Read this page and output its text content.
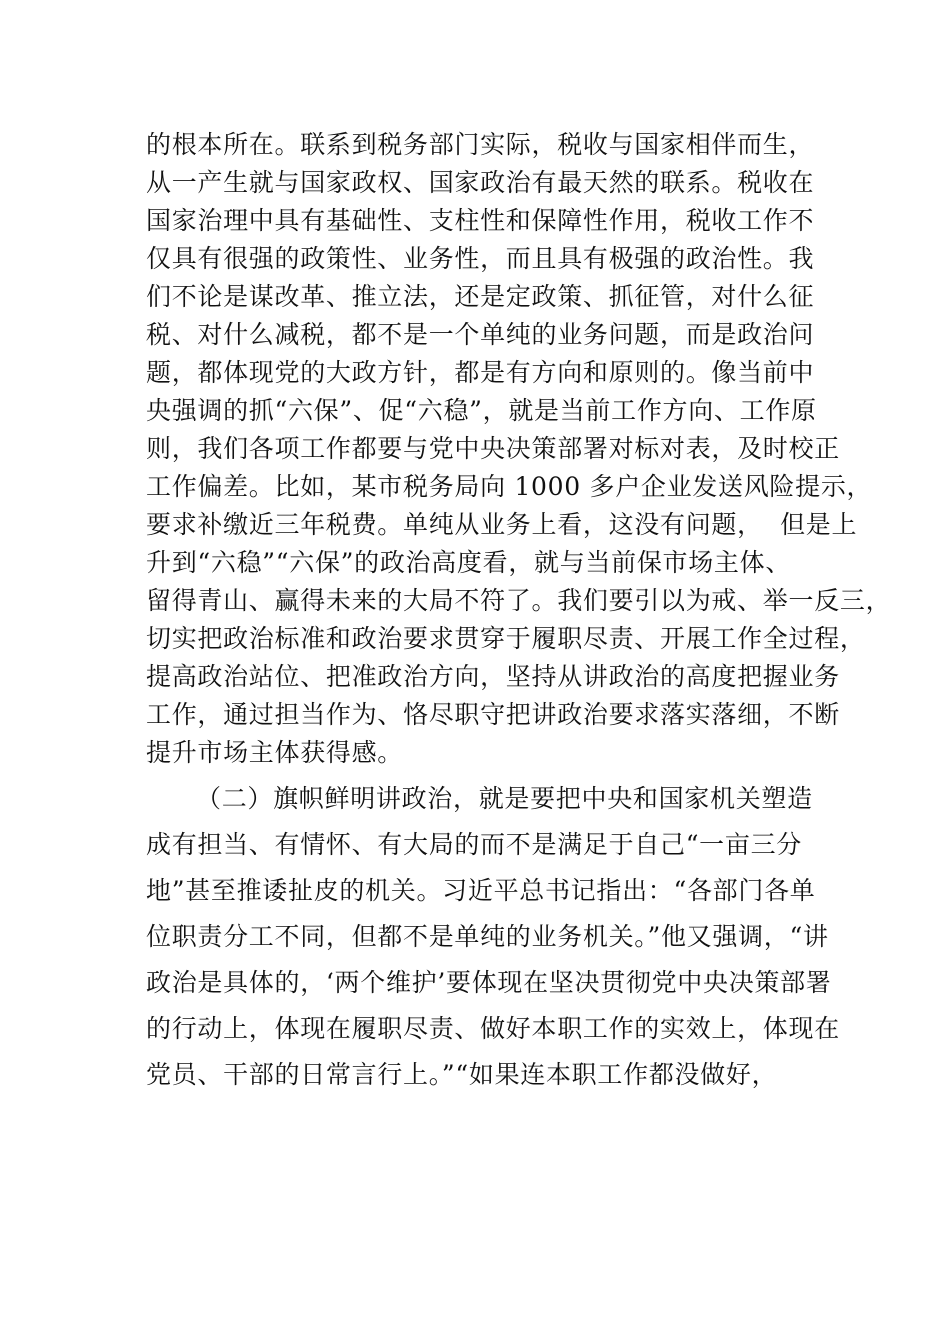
的根本所在。联系到税务部门实际，税收与国家相伴而生，
从一产生就与国家政权、国家政治有最天然的联系。税收在
国家治理中具有基础性、支柱性和保障性作用，税收工作不
仅具有很强的政策性、业务性，而且具有极强的政治性。我
们不论是谋改革、推立法，还是定政策、抓征管，对什么征
税、对什么减税，都不是一个单纯的业务问题，而是政治问
题，都体现党的大政方针，都是有方向和原则的。像当前中
央强调的抓“六保”、促“六稳”，就是当前工作方向、工作原
则，我们各项工作都要与党中央决策部署对标对表，及时校正
工作偏差。比如，某市税务局向 1000 多户企业发送风险提示，
要求补缴近三年税费。单纯从业务上看，这没有问题，  但是上
升到“六稳”“六保”的政治高度看，就与当前保市场主体、
留得青山、赢得未来的大局不符了。我们要引以为戒、举一反三，
切实把政治标准和政治要求贯穿于履职尽责、开展工作全过程，
提高政治站位、把准政治方向，坚持从讲政治的高度把握业务
工作，通过担当作为、恪尽职守把讲政治要求落实落细，不断
提升市场主体获得感。
（二）旗帜鲜明讲政治，就是要把中央和国家机关塑造
成有担当、有情怀、有大局的而不是满足于自己“一亩三分
地”甚至推诿扯皮的机关。习近平总书记指出：“各部门各单
位职责分工不同，但都不是单纯的业务机关。”他又强调，“讲
政治是具体的，‘两个维护’要体现在坚决贯彻党中央决策部署
的行动上，体现在履职尽责、做好本职工作的实效上，体现在
党员、干部的日常言行上。”“如果连本职工作都没做好，
